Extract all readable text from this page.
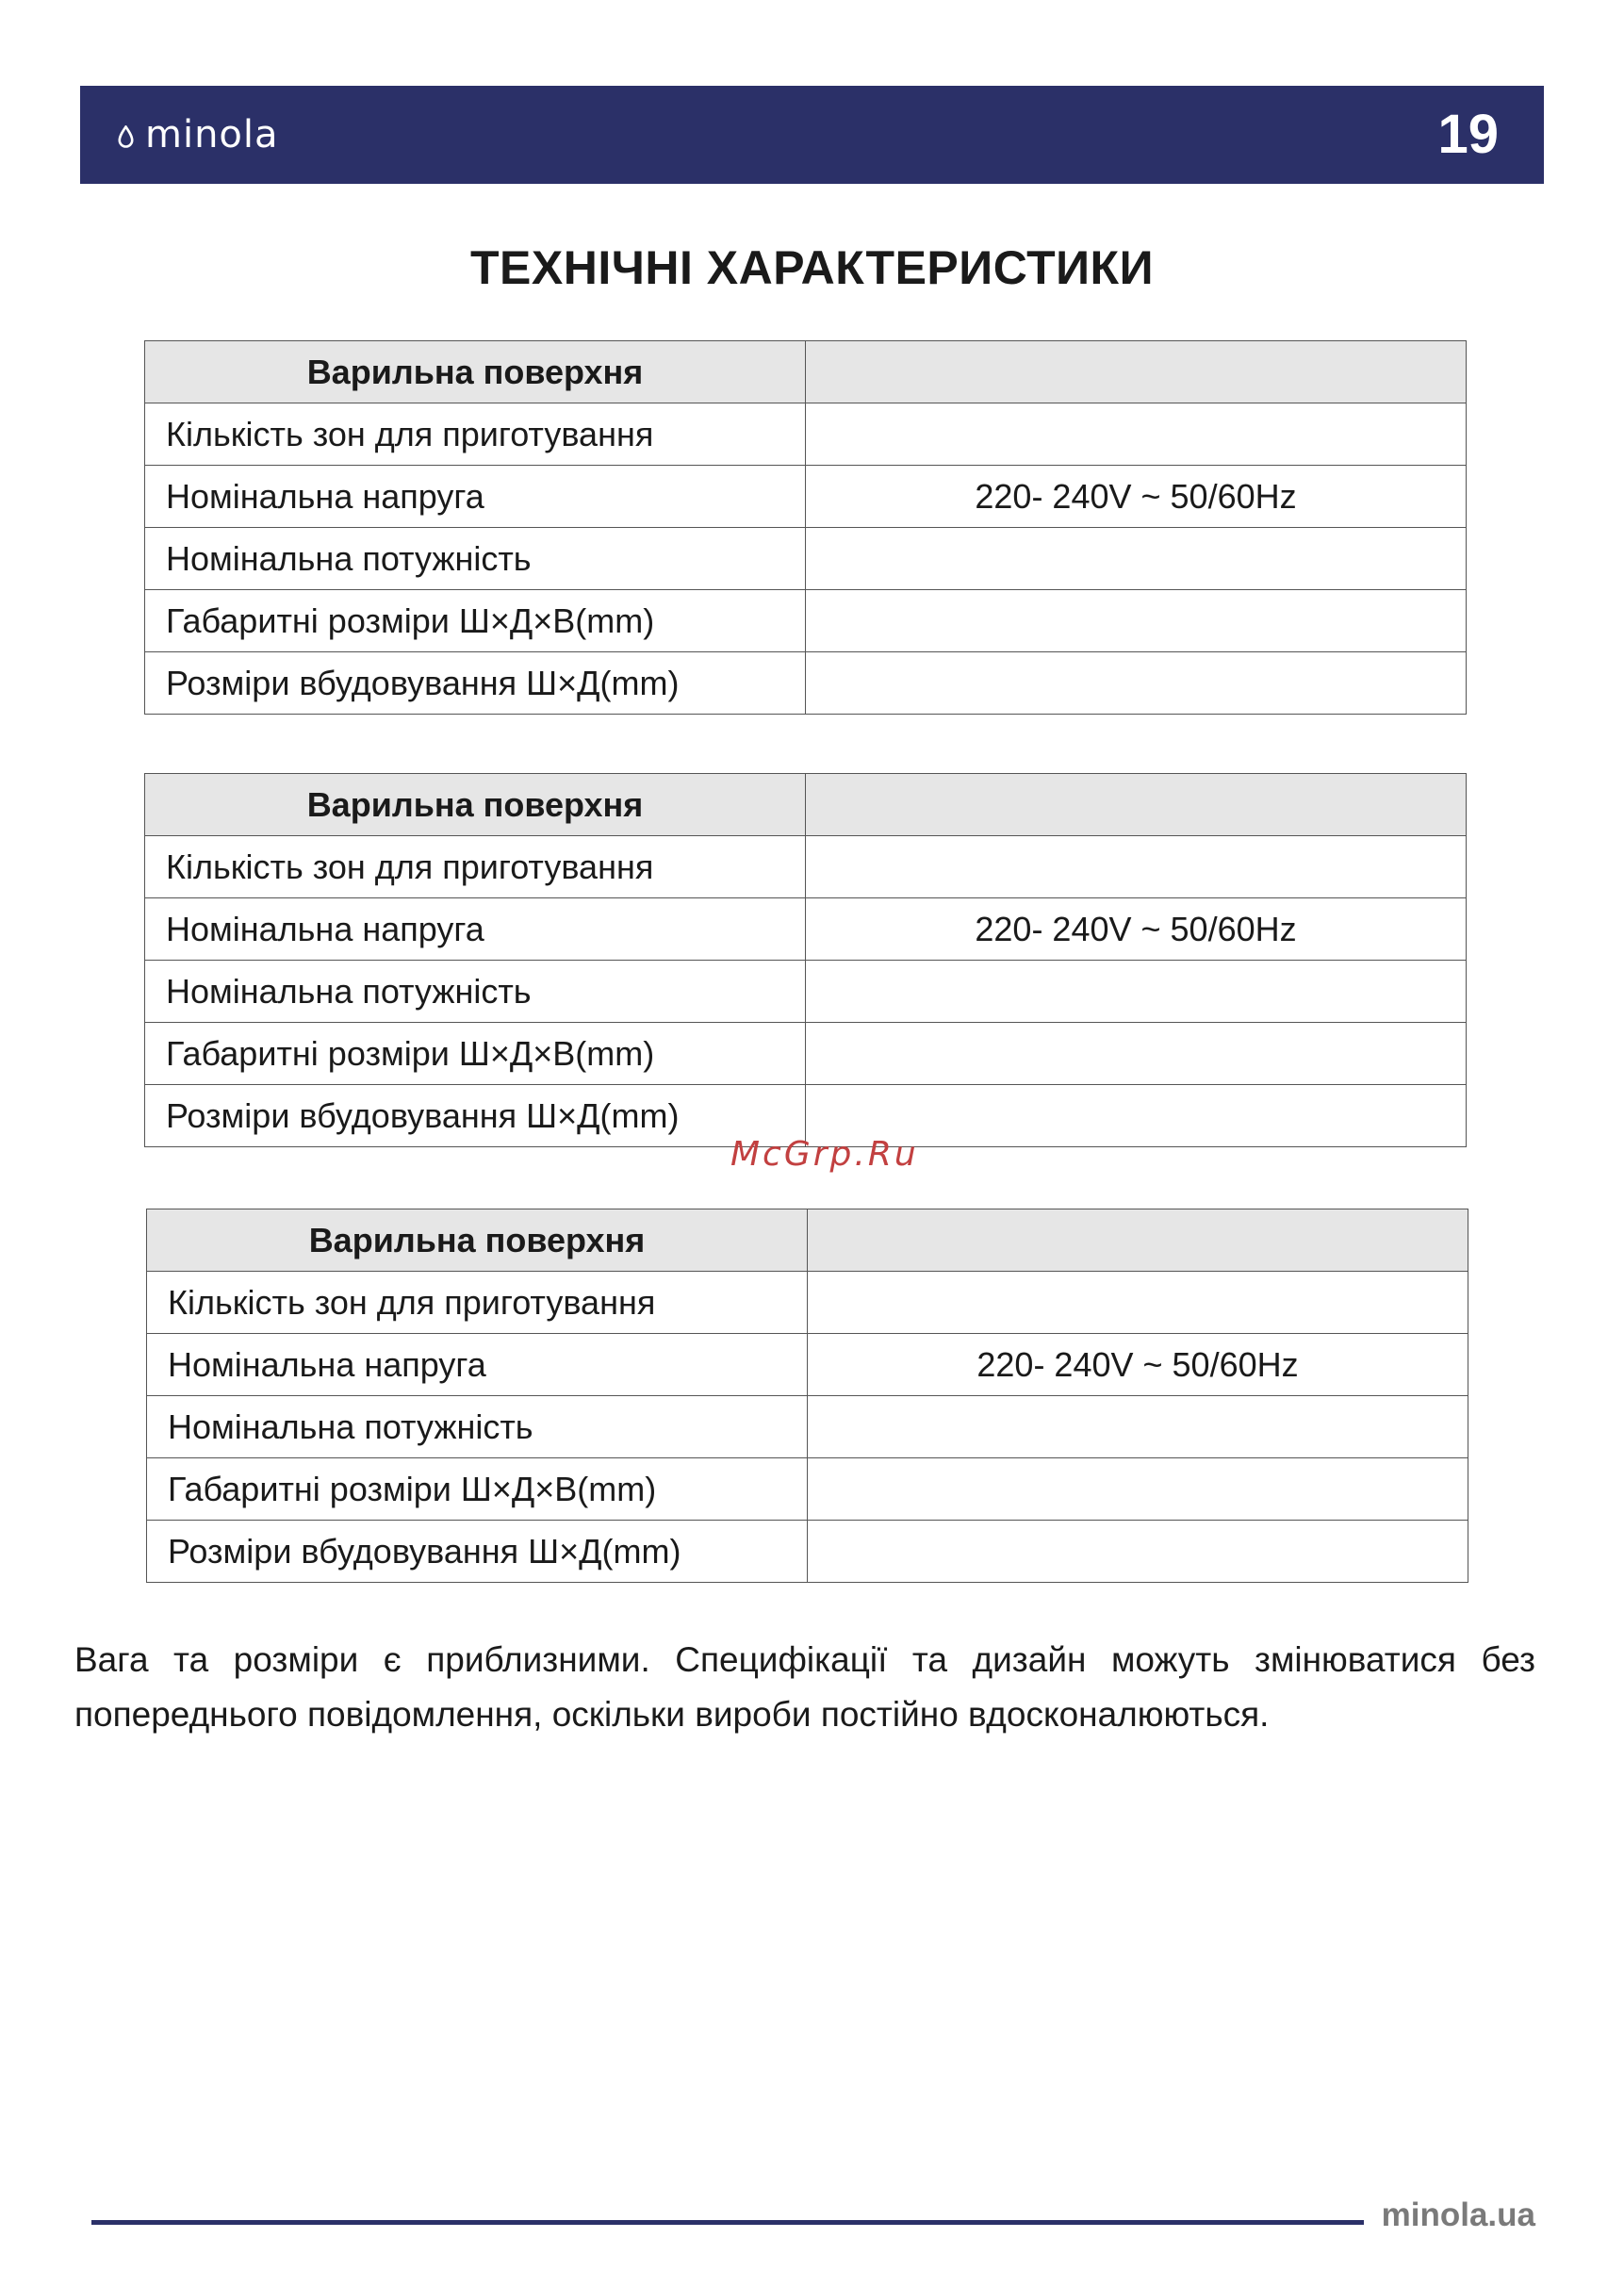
minola	19
ТЕХНІЧНІ ХАРАКТЕРИСТИКИ
Варильна поверхня	
Кількість зон для приготування	
Номінальна напруга	220- 240V ~ 50/60Hz
Номінальна потужність	
Габаритні розміри Ш×Д×В(mm)	
Розміри вбудовування Ш×Д(mm)	
Варильна поверхня	
Кількість зон для приготування	
Номінальна напруга	220- 240V ~ 50/60Hz
Номінальна потужність	
Габаритні розміри Ш×Д×В(mm)	
Розміри вбудовування Ш×Д(mm)	
Варильна поверхня	
Кількість зон для приготування	
Номінальна напруга	220- 240V ~ 50/60Hz
Номінальна потужність	
Габаритні розміри Ш×Д×В(mm)	
Розміри вбудовування Ш×Д(mm)	
McGrp.Ru

Вага та розміри є приблизними. Специфікації та дизайн можуть змінюватися без попереднього повідомлення, оскільки вироби постійно вдосконалюються.

minola.ua
